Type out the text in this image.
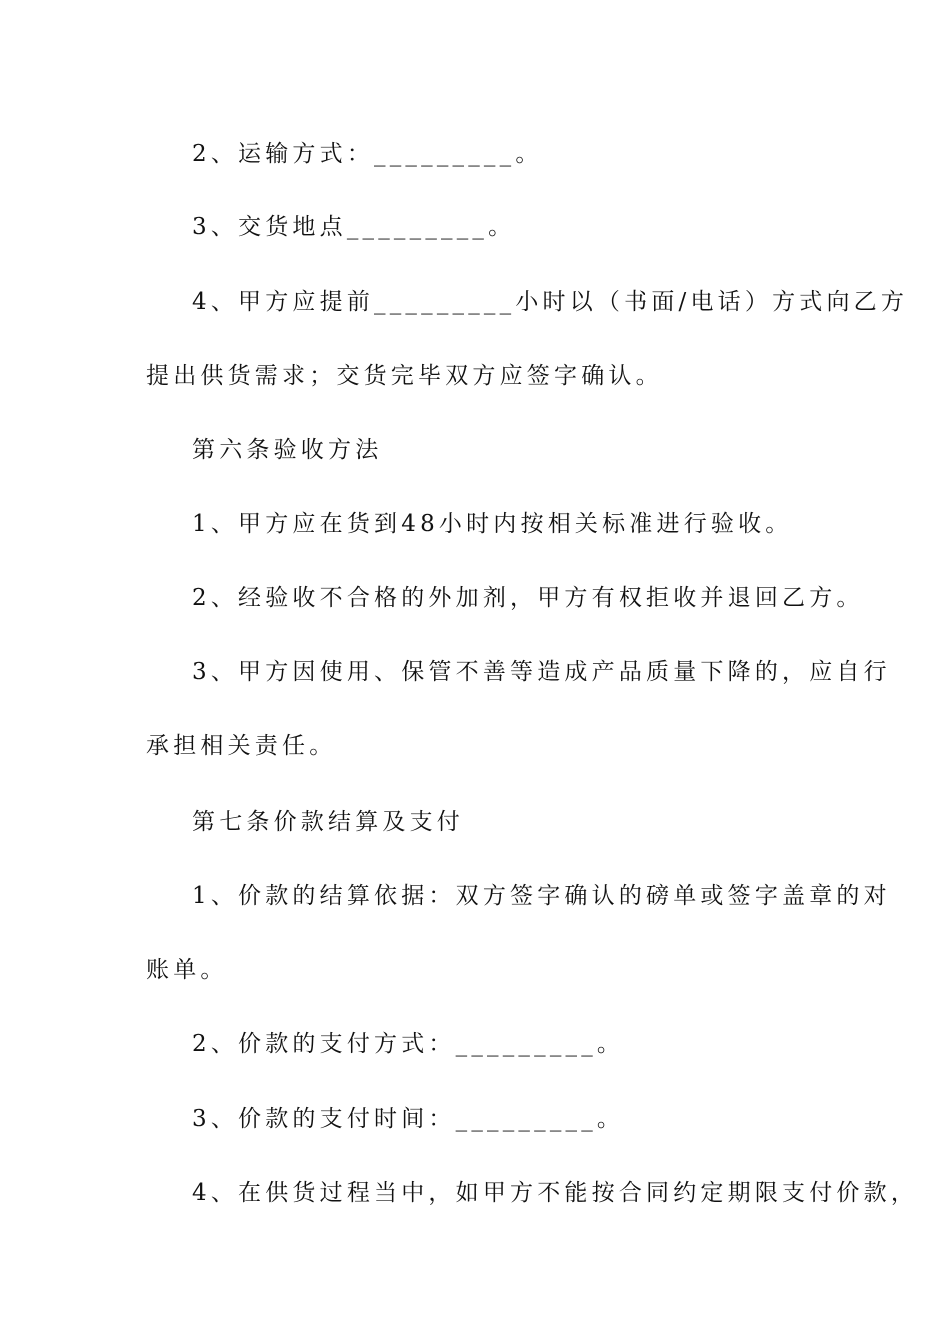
2、运输方式：_________。
3、交货地点_________。
4、甲方应提前_________小时以（书面/电话）方式向乙方
提出供货需求；交货完毕双方应签字确认。
第六条验收方法
1、甲方应在货到48小时内按相关标准进行验收。
2、经验收不合格的外加剂，甲方有权拒收并退回乙方。
3、甲方因使用、保管不善等造成产品质量下降的，应自行
承担相关责任。
第七条价款结算及支付
1、价款的结算依据：双方签字确认的磅单或签字盖章的对
账单。
2、价款的支付方式：_________。
3、价款的支付时间：_________。
4、在供货过程当中，如甲方不能按合同约定期限支付价款，
